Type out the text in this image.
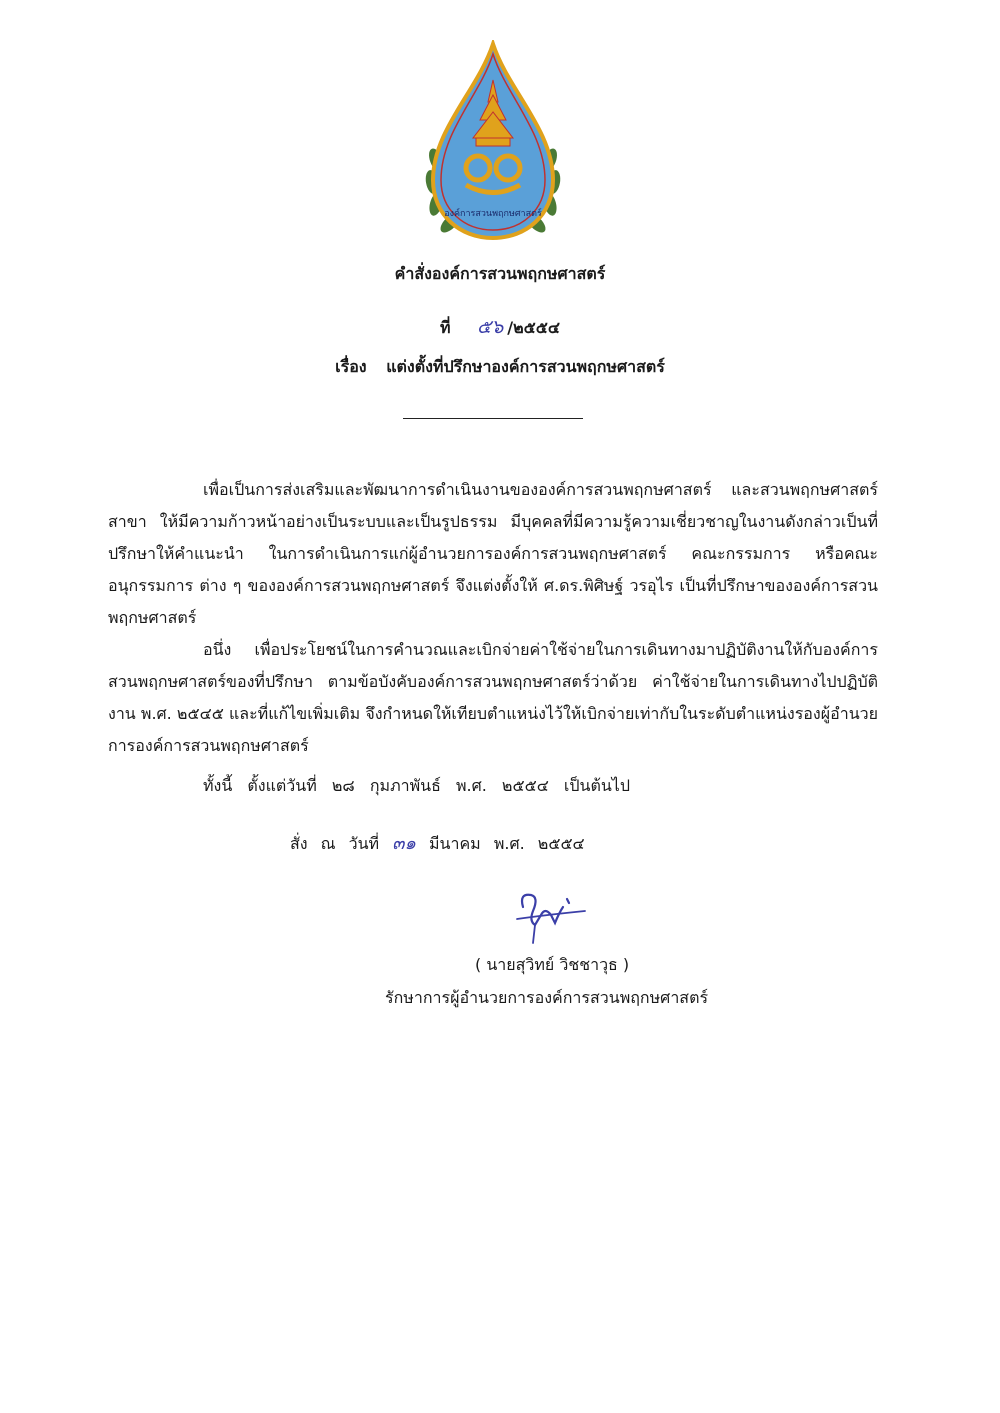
องค์การสวนพฤกษศาสตร์
คำสั่งองค์การสวนพฤกษศาสตร์
ที่ ๕๖ /๒๕๕๔
เรื่อง แต่งตั้งที่ปรึกษาองค์การสวนพฤกษศาสตร์

เพื่อเป็นการส่งเสริมและพัฒนาการดำเนินงานขององค์การสวนพฤกษศาสตร์ และสวนพฤกษศาสตร์สาขา ให้มีความก้าวหน้าอย่างเป็นระบบและเป็นรูปธรรม มีบุคคลที่มีความรู้ความเชี่ยวชาญในงานดังกล่าวเป็นที่ปรึกษาให้คำแนะนำ ในการดำเนินการแก่ผู้อำนวยการองค์การสวนพฤกษศาสตร์ คณะกรรมการ หรือคณะอนุกรรมการ ต่าง ๆ ขององค์การสวนพฤกษศาสตร์ จึงแต่งตั้งให้ ศ.ดร.พิศิษฐ์ วรอุไร เป็นที่ปรึกษาขององค์การสวนพฤกษศาสตร์

อนึ่ง เพื่อประโยชน์ในการคำนวณและเบิกจ่ายค่าใช้จ่ายในการเดินทางมาปฏิบัติงานให้กับองค์การสวนพฤกษศาสตร์ของที่ปรึกษา ตามข้อบังคับองค์การสวนพฤกษศาสตร์ว่าด้วย ค่าใช้จ่ายในการเดินทางไปปฏิบัติงาน พ.ศ. ๒๕๔๕ และที่แก้ไขเพิ่มเติม จึงกำหนดให้เทียบตำแหน่งไว้ให้เบิกจ่ายเท่ากับในระดับตำแหน่งรองผู้อำนวยการองค์การสวนพฤกษศาสตร์

ทั้งนี้ ตั้งแต่วันที่ ๒๘ กุมภาพันธ์ พ.ศ. ๒๕๕๔ เป็นต้นไป
สั่ง ณ วันที่ ๓๑ มีนาคม พ.ศ. ๒๕๕๔
( นายสุวิทย์ วิชชาวุธ )
รักษาการผู้อำนวยการองค์การสวนพฤกษศาสตร์
